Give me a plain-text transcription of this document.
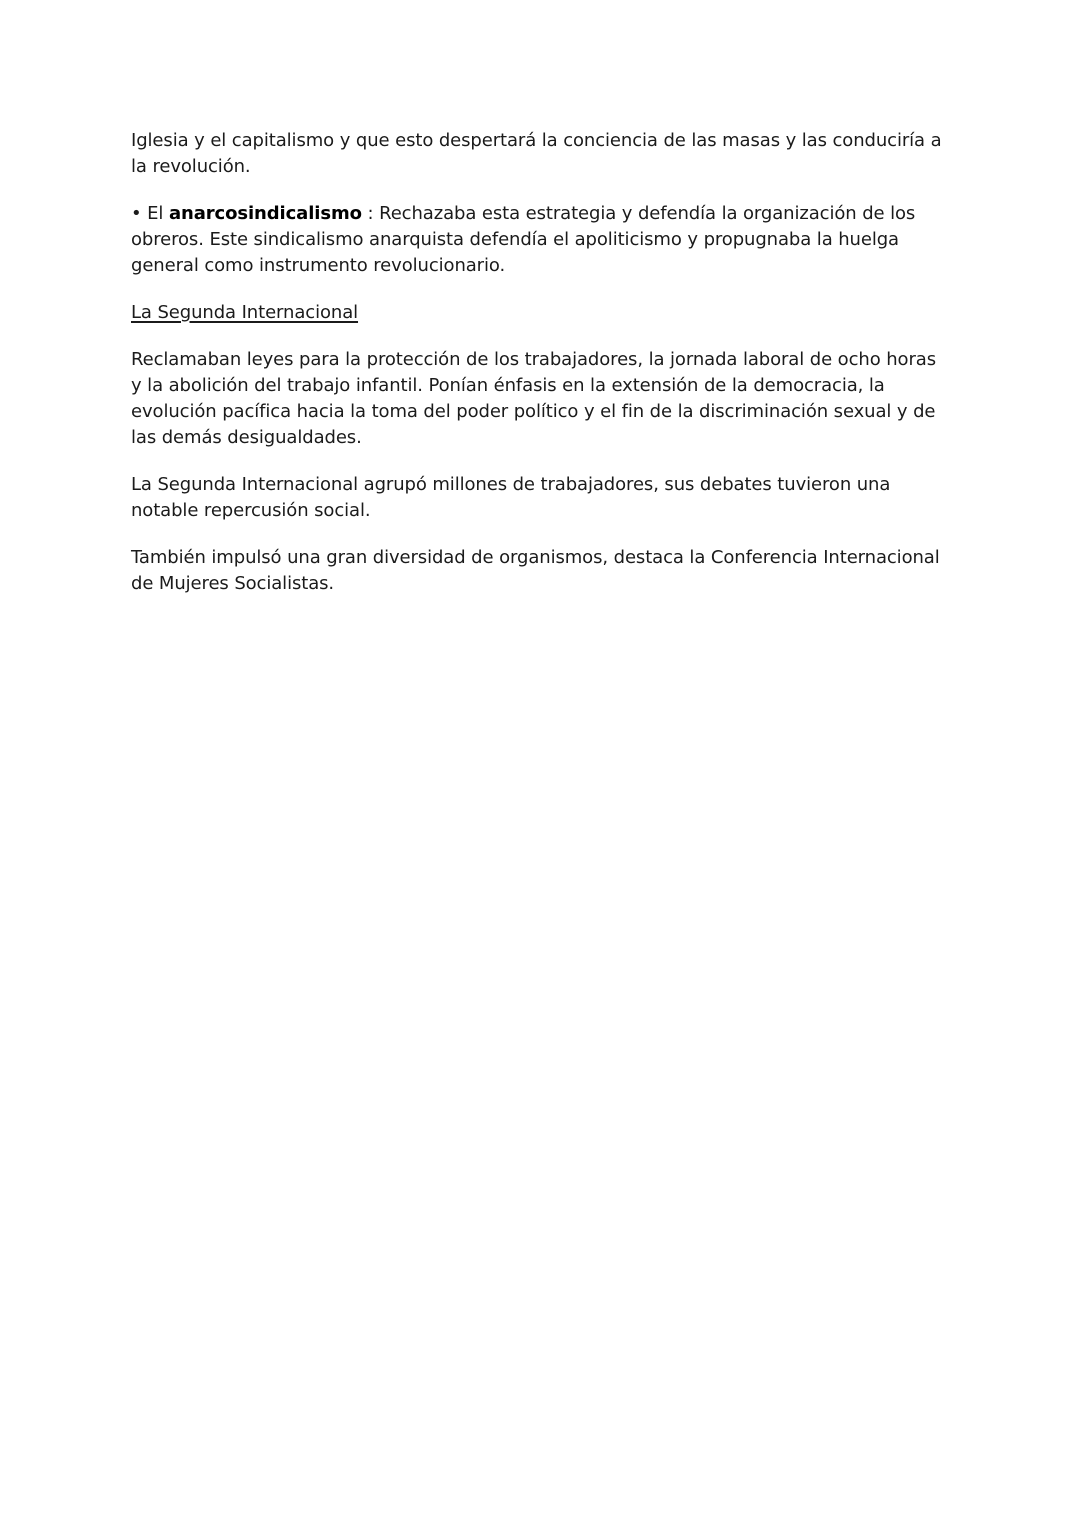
Iglesia y el capitalismo y que esto despertará la conciencia de las masas y las conduciría a la revolución.

• El anarcosindicalismo : Rechazaba esta estrategia y defendía la organización de los obreros. Este sindicalismo anarquista defendía el apoliticismo y propugnaba la huelga general como instrumento revolucionario.

La Segunda Internacional

Reclamaban leyes para la protección de los trabajadores, la jornada laboral de ocho horas y la abolición del trabajo infantil. Ponían énfasis en la extensión de la democracia, la evolución pacífica hacia la toma del poder político y el fin de la discriminación sexual y de las demás desigualdades.

La Segunda Internacional agrupó millones de trabajadores, sus debates tuvieron una notable repercusión social.

También impulsó una gran diversidad de organismos, destaca la Conferencia Internacional de Mujeres Socialistas.
